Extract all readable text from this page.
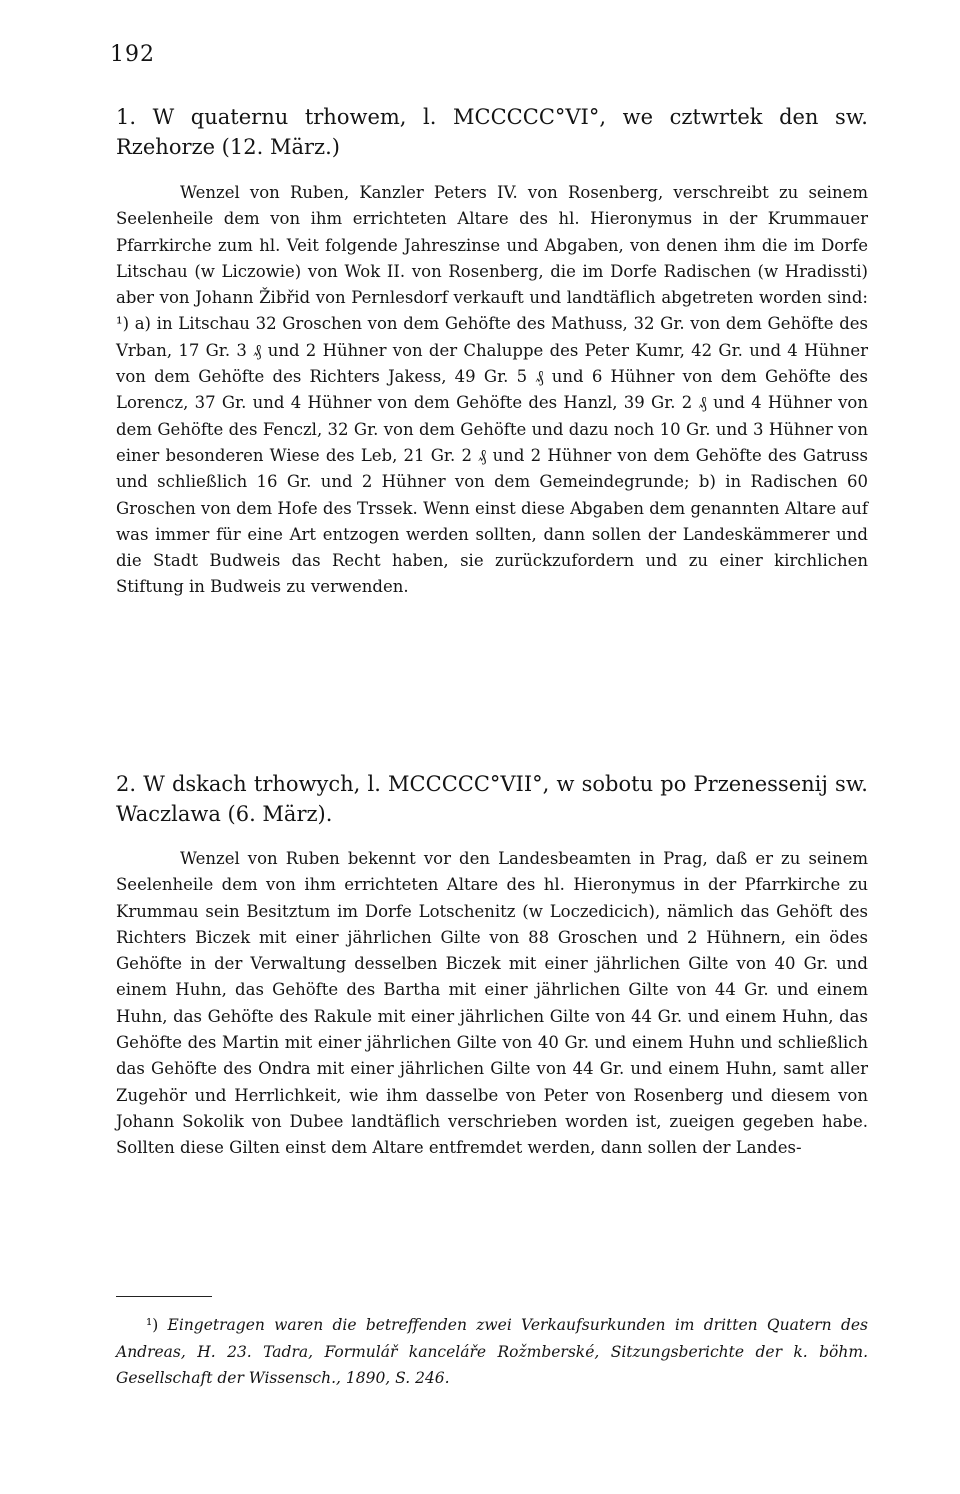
192
1. W quaternu trhowem, l. MCCCCC°VI°, we cztwrtek den sw. Rzehorze (12. März.)
Wenzel von Ruben, Kanzler Peters IV. von Rosenberg, verschreibt zu seinem Seelenheile dem von ihm errichteten Altare des hl. Hieronymus in der Krummauer Pfarrkirche zum hl. Veit folgende Jahreszinse und Abgaben, von denen ihm die im Dorfe Litschau (w Liczowie) von Wok II. von Rosenberg, die im Dorfe Radischen (w Hradissti) aber von Johann Žibřid von Pernlesdorf verkauft und landtäflich abgetreten worden sind: ¹) a) in Litschau 32 Groschen von dem Gehöfte des Mathuss, 32 Gr. von dem Gehöfte des Vrban, 17 Gr. 3 ₰ und 2 Hühner von der Chaluppe des Peter Kumr, 42 Gr. und 4 Hühner von dem Gehöfte des Richters Jakess, 49 Gr. 5 ₰ und 6 Hühner von dem Gehöfte des Lorencz, 37 Gr. und 4 Hühner von dem Gehöfte des Hanzl, 39 Gr. 2 ₰ und 4 Hühner von dem Gehöfte des Fenczl, 32 Gr. von dem Gehöfte und dazu noch 10 Gr. und 3 Hühner von einer besonderen Wiese des Leb, 21 Gr. 2 ₰ und 2 Hühner von dem Gehöfte des Gatruss und schließlich 16 Gr. und 2 Hühner von dem Gemeindegrunde; b) in Radischen 60 Groschen von dem Hofe des Trssek. Wenn einst diese Abgaben dem genannten Altare auf was immer für eine Art entzogen werden sollten, dann sollen der Landeskämmerer und die Stadt Budweis das Recht haben, sie zurückzufordern und zu einer kirchlichen Stiftung in Budweis zu verwenden.
2. W dskach trhowych, l. MCCCCC°VII°, w sobotu po Przenessenij sw. Waczlawa (6. März).
Wenzel von Ruben bekennt vor den Landesbeamten in Prag, daß er zu seinem Seelenheile dem von ihm errichteten Altare des hl. Hieronymus in der Pfarrkirche zu Krummau sein Besitztum im Dorfe Lotschenitz (w Loczedicich), nämlich das Gehöft des Richters Biczek mit einer jährlichen Gilte von 88 Groschen und 2 Hühnern, ein ödes Gehöfte in der Verwaltung desselben Biczek mit einer jährlichen Gilte von 40 Gr. und einem Huhn, das Gehöfte des Bartha mit einer jährlichen Gilte von 44 Gr. und einem Huhn, das Gehöfte des Rakule mit einer jährlichen Gilte von 44 Gr. und einem Huhn, das Gehöfte des Martin mit einer jährlichen Gilte von 40 Gr. und einem Huhn und schließlich das Gehöfte des Ondra mit einer jährlichen Gilte von 44 Gr. und einem Huhn, samt aller Zugehör und Herrlichkeit, wie ihm dasselbe von Peter von Rosenberg und diesem von Johann Sokolik von Dubee landtäflich verschrieben worden ist, zueigen gegeben habe. Sollten diese Gilten einst dem Altare entfremdet werden, dann sollen der Landes-
¹) Eingetragen waren die betreffenden zwei Verkaufsurkunden im dritten Quatern des Andreas, H. 23. Tadra, Formulář kanceláře Rožmberské, Sitzungsberichte der k. böhm. Gesellschaft der Wissensch., 1890, S. 246.
